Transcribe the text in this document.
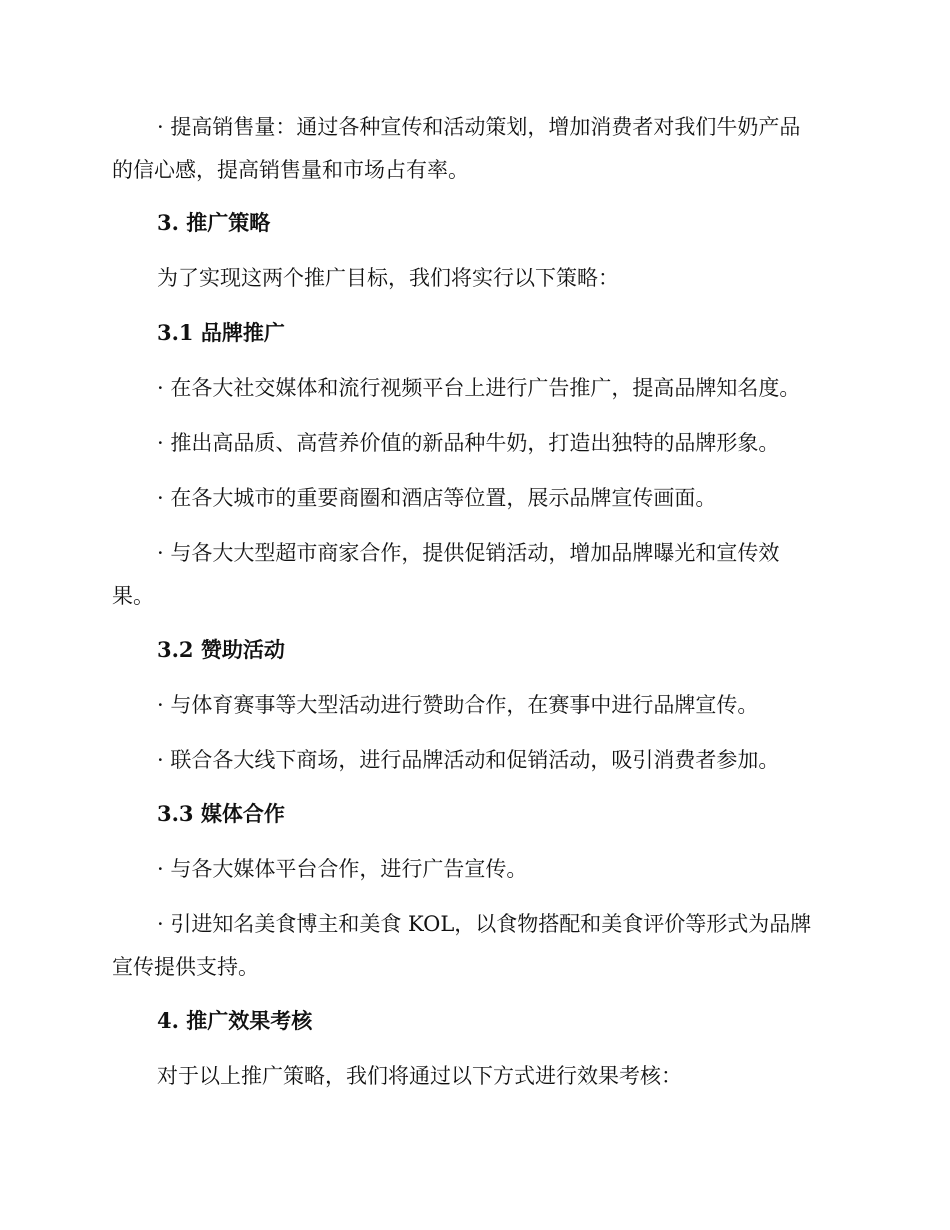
· 提高销售量：通过各种宣传和活动策划，增加消费者对我们牛奶产品
的信心感，提高销售量和市场占有率。
3. 推广策略
为了实现这两个推广目标，我们将实行以下策略：
3.1 品牌推广
· 在各大社交媒体和流行视频平台上进行广告推广，提高品牌知名度。
· 推出高品质、高营养价值的新品种牛奶，打造出独特的品牌形象。
· 在各大城市的重要商圈和酒店等位置，展示品牌宣传画面。
· 与各大大型超市商家合作，提供促销活动，增加品牌曝光和宣传效
果。
3.2 赞助活动
· 与体育赛事等大型活动进行赞助合作，在赛事中进行品牌宣传。
· 联合各大线下商场，进行品牌活动和促销活动，吸引消费者参加。
3.3 媒体合作
· 与各大媒体平台合作，进行广告宣传。
· 引进知名美食博主和美食 KOL，以食物搭配和美食评价等形式为品牌
宣传提供支持。
4. 推广效果考核
对于以上推广策略，我们将通过以下方式进行效果考核：
